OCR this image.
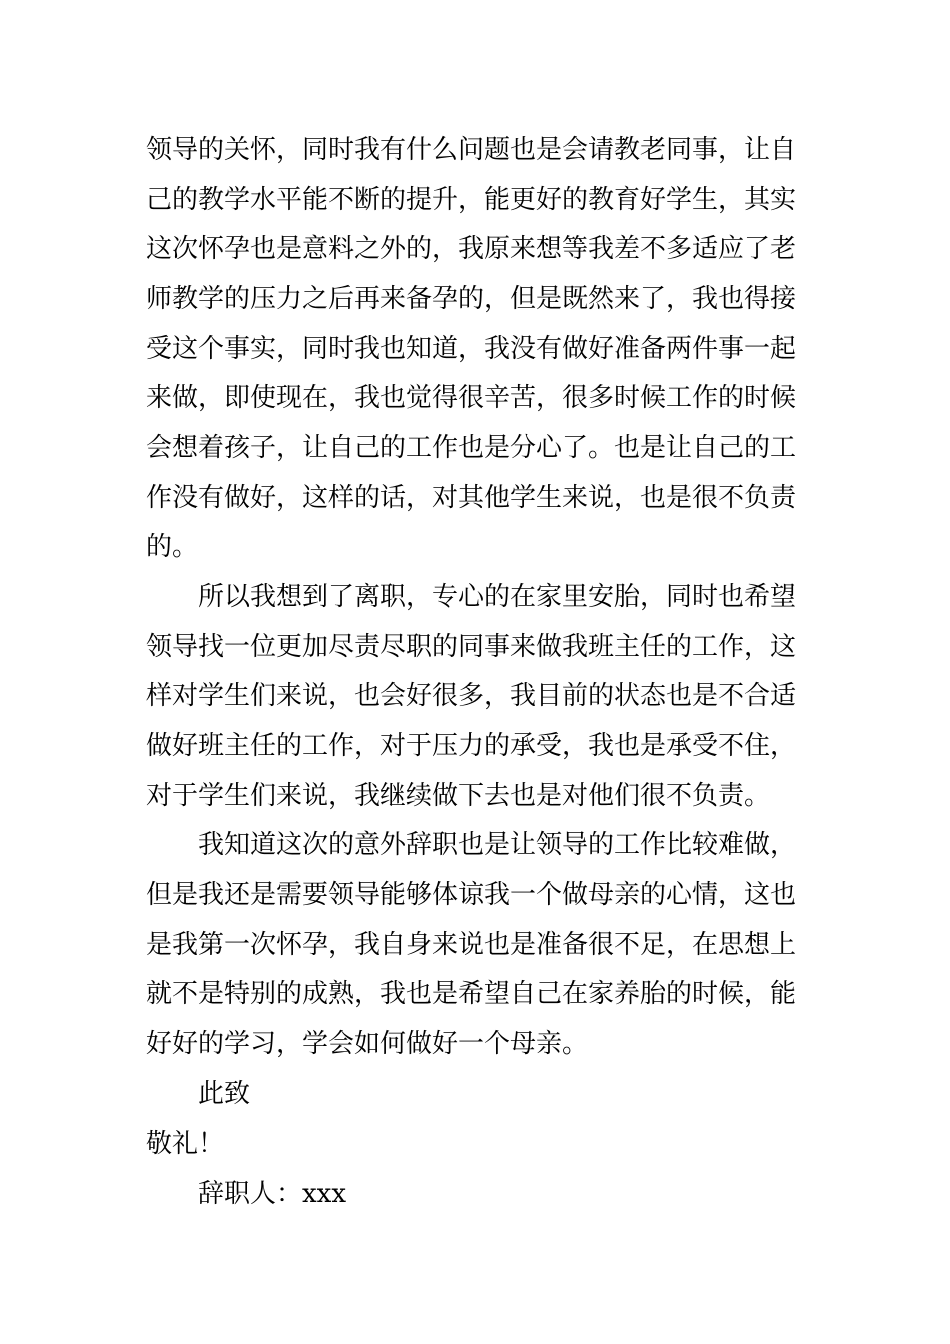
领导的关怀，同时我有什么问题也是会请教老同事，让自
己的教学水平能不断的提升，能更好的教育好学生，其实
这次怀孕也是意料之外的，我原来想等我差不多适应了老
师教学的压力之后再来备孕的，但是既然来了，我也得接
受这个事实，同时我也知道，我没有做好准备两件事一起
来做，即使现在，我也觉得很辛苦，很多时候工作的时候
会想着孩子，让自己的工作也是分心了。也是让自己的工
作没有做好，这样的话，对其他学生来说，也是很不负责
的。
所以我想到了离职，专心的在家里安胎，同时也希望
领导找一位更加尽责尽职的同事来做我班主任的工作，这
样对学生们来说，也会好很多，我目前的状态也是不合适
做好班主任的工作，对于压力的承受，我也是承受不住，
对于学生们来说，我继续做下去也是对他们很不负责。
我知道这次的意外辞职也是让领导的工作比较难做，
但是我还是需要领导能够体谅我一个做母亲的心情，这也
是我第一次怀孕，我自身来说也是准备很不足，在思想上
就不是特别的成熟，我也是希望自己在家养胎的时候，能
好好的学习，学会如何做好一个母亲。
此致
敬礼！
辞职人：xxx
